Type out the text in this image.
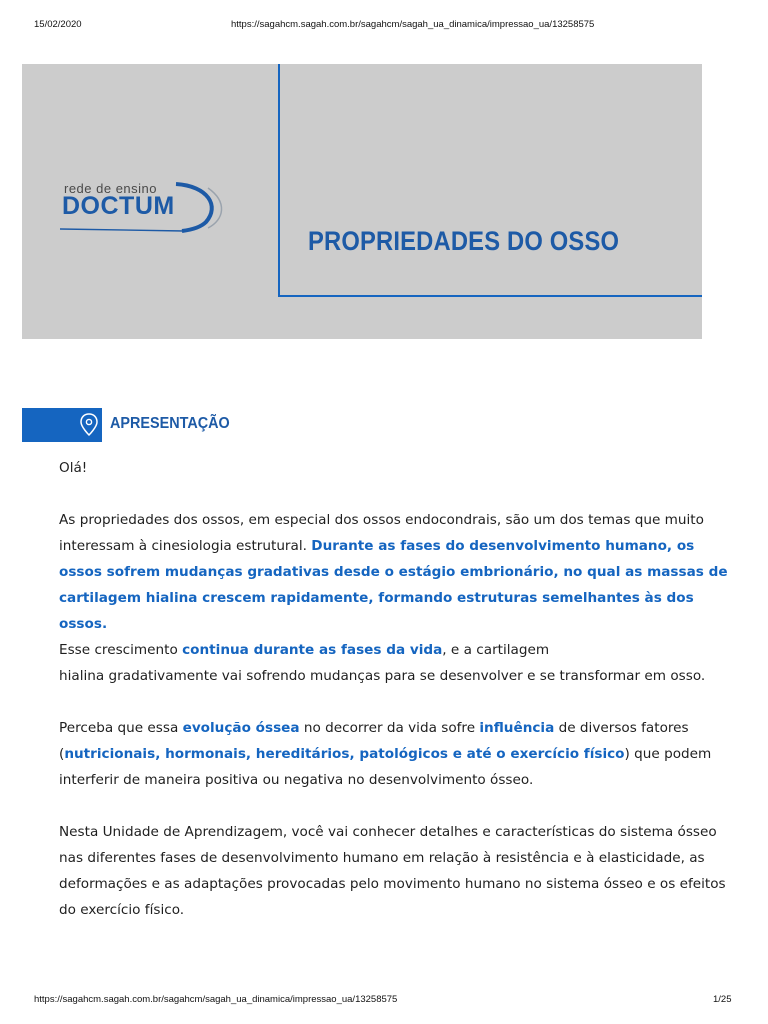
15/02/2020	https://sagahcm.sagah.com.br/sagahcm/sagah_ua_dinamica/impressao_ua/13258575
rede de ensino
DOCTUM
PROPRIEDADES DO OSSO
APRESENTAÇÃO

Olá!

As propriedades dos ossos, em especial dos ossos endocondrais, são um dos temas que muito interessam à cinesiologia estrutural. Durante as fases do desenvolvimento humano, os ossos sofrem mudanças gradativas desde o estágio embrionário, no qual as massas de cartilagem hialina crescem rapidamente, formando estruturas semelhantes às dos ossos.
Esse crescimento continua durante as fases da vida, e a cartilagem
hialina gradativamente vai sofrendo mudanças para se desenvolver e se transformar em osso.

Perceba que essa evolução óssea no decorrer da vida sofre influência de diversos fatores (nutricionais, hormonais, hereditários, patológicos e até o exercício físico) que podem interferir de maneira positiva ou negativa no desenvolvimento ósseo.

Nesta Unidade de Aprendizagem, você vai conhecer detalhes e características do sistema ósseo nas diferentes fases de desenvolvimento humano em relação à resistência e à elasticidade, as deformações e as adaptações provocadas pelo movimento humano no sistema ósseo e os efeitos do exercício físico.

https://sagahcm.sagah.com.br/sagahcm/sagah_ua_dinamica/impressao_ua/13258575	1/25
